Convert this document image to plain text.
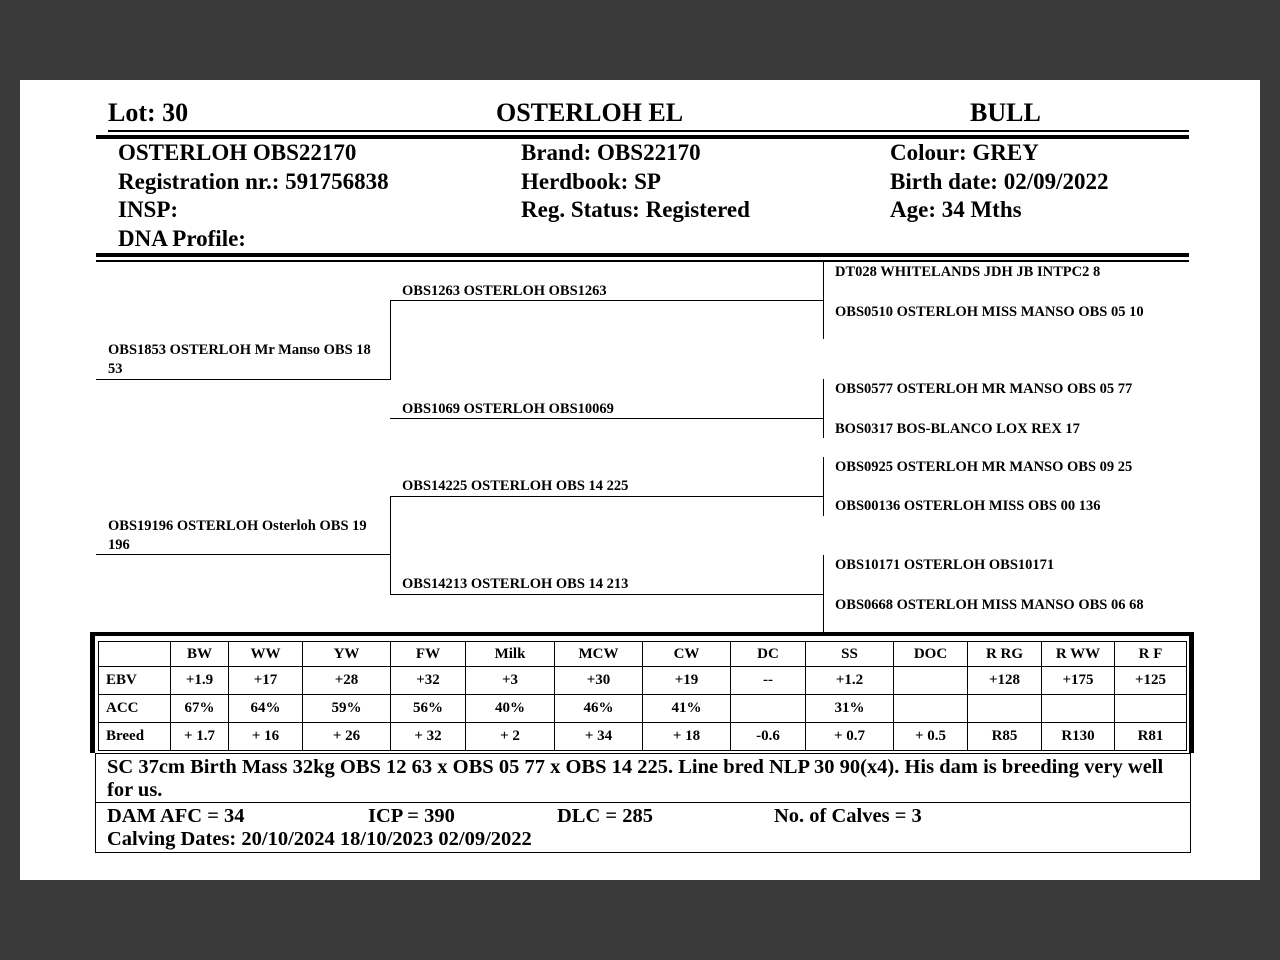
Lot: 30	OSTERLOH EL	BULL
OSTERLOH OBS22170
Registration nr.: 591756838
INSP:
DNA Profile:
Brand: OBS22170
Herdbook: SP
Reg. Status: Registered
Colour: GREY
Birth date: 02/09/2022
Age: 34 Mths
OBS1853 OSTERLOH Mr Manso OBS 18 53
OBS19196 OSTERLOH Osterloh OBS 19 196
OBS1263 OSTERLOH OBS1263
OBS1069 OSTERLOH OBS10069
OBS14225 OSTERLOH OBS 14 225
OBS14213 OSTERLOH OBS 14 213
DT028 WHITELANDS JDH JB INTPC2 8
OBS0510 OSTERLOH MISS MANSO OBS 05 10
OBS0577 OSTERLOH MR MANSO OBS 05 77
BOS0317 BOS-BLANCO LOX REX 17
OBS0925 OSTERLOH MR MANSO OBS 09 25
OBS00136 OSTERLOH MISS OBS 00 136
OBS10171 OSTERLOH OBS10171
OBS0668 OSTERLOH MISS MANSO OBS 06 68
	BW	WW	YW	FW	Milk	MCW	CW	DC	SS	DOC	R RG	R WW	R F
EBV	+1.9	+17	+28	+32	+3	+30	+19	--	+1.2		+128	+175	+125
ACC	67%	64%	59%	56%	40%	46%	41%		31%				
Breed	+ 1.7	+ 16	+ 26	+ 32	+ 2	+ 34	+ 18	-0.6	+ 0.7	+ 0.5	R85	R130	R81
SC 37cm Birth Mass 32kg OBS 12 63 x OBS 05 77 x OBS 14 225. Line bred NLP 30 90(x4). His dam is breeding very well for us.
DAM AFC = 34	ICP = 390	DLC = 285	No. of Calves = 3
Calving Dates: 20/10/2024 18/10/2023 02/09/2022
